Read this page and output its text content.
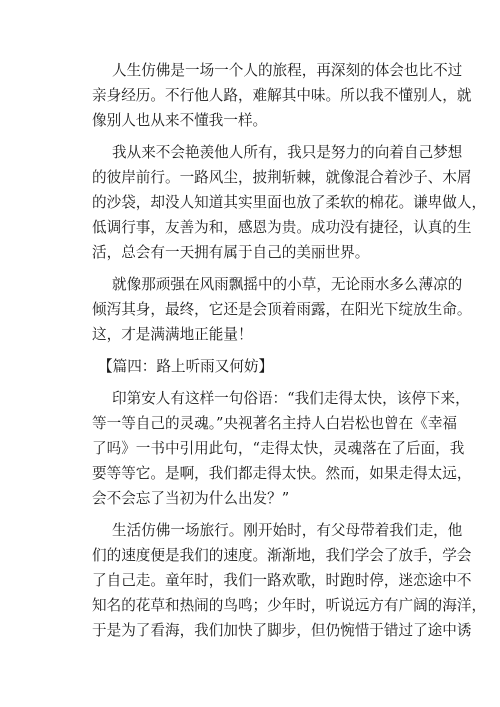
人生仿佛是一场一个人的旅程，再深刻的体会也比不过
亲身经历。不行他人路，难解其中味。所以我不懂别人，就
像别人也从来不懂我一样。
我从来不会艳羡他人所有，我只是努力的向着自己梦想
的彼岸前行。一路风尘，披荆斩棘，就像混合着沙子、木屑
的沙袋，却没人知道其实里面也放了柔软的棉花。谦卑做人，
低调行事，友善为和，感恩为贵。成功没有捷径，认真的生
活，总会有一天拥有属于自己的美丽世界。
就像那顽强在风雨飘摇中的小草，无论雨水多么薄凉的
倾泻其身，最终，它还是会顶着雨露，在阳光下绽放生命。
这，才是满满地正能量！
【篇四：路上听雨又何妨】
印第安人有这样一句俗语：“我们走得太快，该停下来，
等一等自己的灵魂。”央视著名主持人白岩松也曾在《幸福
了吗》一书中引用此句，“走得太快，灵魂落在了后面，我
要等等它。是啊，我们都走得太快。然而，如果走得太远，
会不会忘了当初为什么出发？”
生活仿佛一场旅行。刚开始时，有父母带着我们走，他
们的速度便是我们的速度。渐渐地，我们学会了放手，学会
了自己走。童年时，我们一路欢歌，时跑时停，迷恋途中不
知名的花草和热闹的鸟鸣；少年时，听说远方有广阔的海洋，
于是为了看海，我们加快了脚步，但仍惋惜于错过了途中诱
